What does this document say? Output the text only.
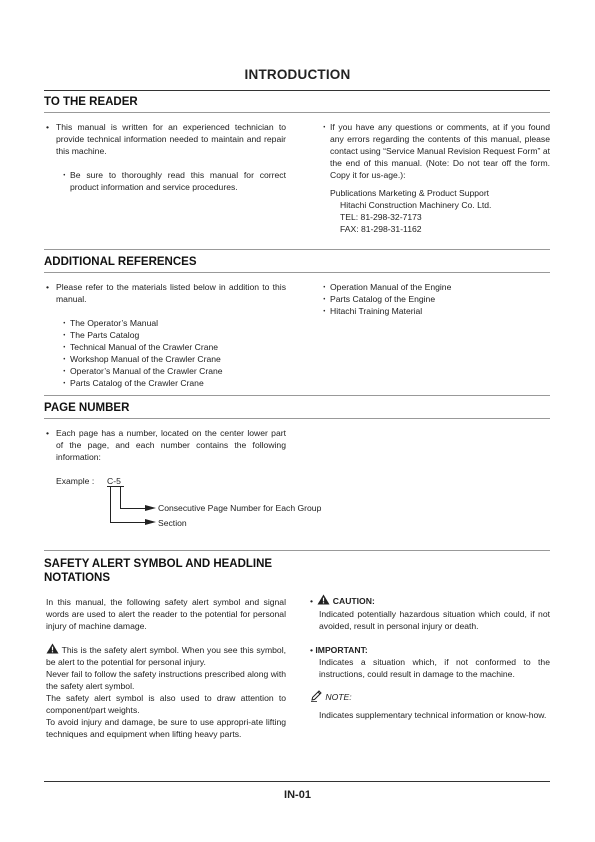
INTRODUCTION
TO THE READER
• This manual is written for an experienced technician to provide technical information needed to maintain and repair this machine.
・ Be sure to thoroughly read this manual for correct product information and service procedures.
・ If you have any questions or comments, at if you found any errors regarding the contents of this manual, please contact using “Service Manual Revision Request Form” at the end of this manual. (Note: Do not tear off the form. Copy it for us-age.):
Publications Marketing & Product Support
Hitachi Construction Machinery Co. Ltd.
TEL: 81-298-32-7173
FAX: 81-298-31-1162
ADDITIONAL REFERENCES
• Please refer to the materials listed below in addition to this manual.
・ The Operator’s Manual
・ The Parts Catalog
・ Technical Manual of the Crawler Crane
・ Workshop Manual of the Crawler Crane
・ Operator’s Manual of the Crawler Crane
・ Parts Catalog of the Crawler Crane
・ Operation Manual of the Engine
・ Parts Catalog of the Engine
・ Hitachi Training Material
PAGE NUMBER
• Each page has a number, located on the center lower part of the page, and each number contains the following information:
Example : C-5
Consecutive Page Number for Each Group
Section
SAFETY ALERT SYMBOL AND HEADLINE
NOTATIONS
In this manual, the following safety alert symbol and signal words are used to alert the reader to the potential for personal injury of machine damage.
This is the safety alert symbol. When you see this symbol, be alert to the potential for personal injury.
Never fail to follow the safety instructions prescribed along with the safety alert symbol.
The safety alert symbol is also used to draw attention to component/part weights.
To avoid injury and damage, be sure to use appropri-ate lifting techniques and equipment when lifting heavy parts.
• CAUTION:
Indicated potentially hazardous situation which could, if not avoided, result in personal injury or death.
• IMPORTANT:
Indicates a situation which, if not conformed to the instructions, could result in damage to the machine.
NOTE:
Indicates supplementary technical information or know-how.
IN-01
